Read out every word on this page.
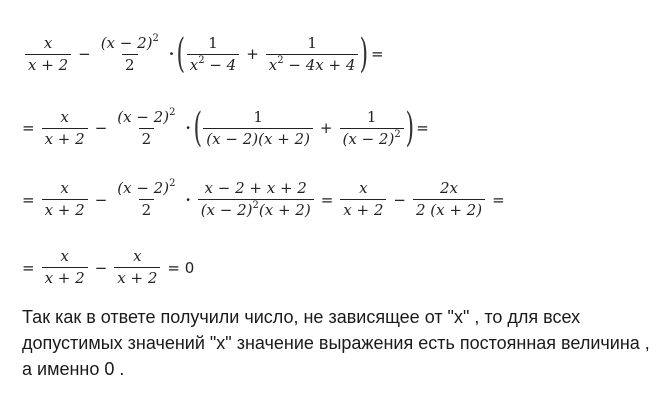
$\frac{x}{x + 2} - \frac{(x - 2)^2}{2}$ · ( $\frac{1}{x^2 - 4} + \frac{1}{x^2 - 4x + 4}$ ) =
= $\frac{x}{x + 2} - \frac{(x - 2)^2}{2}$ · ( $\frac{1}{(x - 2)(x + 2)} + \frac{1}{(x - 2)^2}$ ) =
= $\frac{x}{x + 2} - \frac{(x - 2)^2}{2} \cdot \frac{x - 2 + x + 2}{(x - 2)^2(x + 2)} = \frac{x}{x + 2} - \frac{2x}{2 (x + 2)}$ =
= $\frac{x}{x + 2} - \frac{x}{x + 2} = 0$
Так как в ответе получили число, не зависящее от "х" , то для всех допустимых значений "х" значение выражения есть постоянная величина , а именно 0 .
